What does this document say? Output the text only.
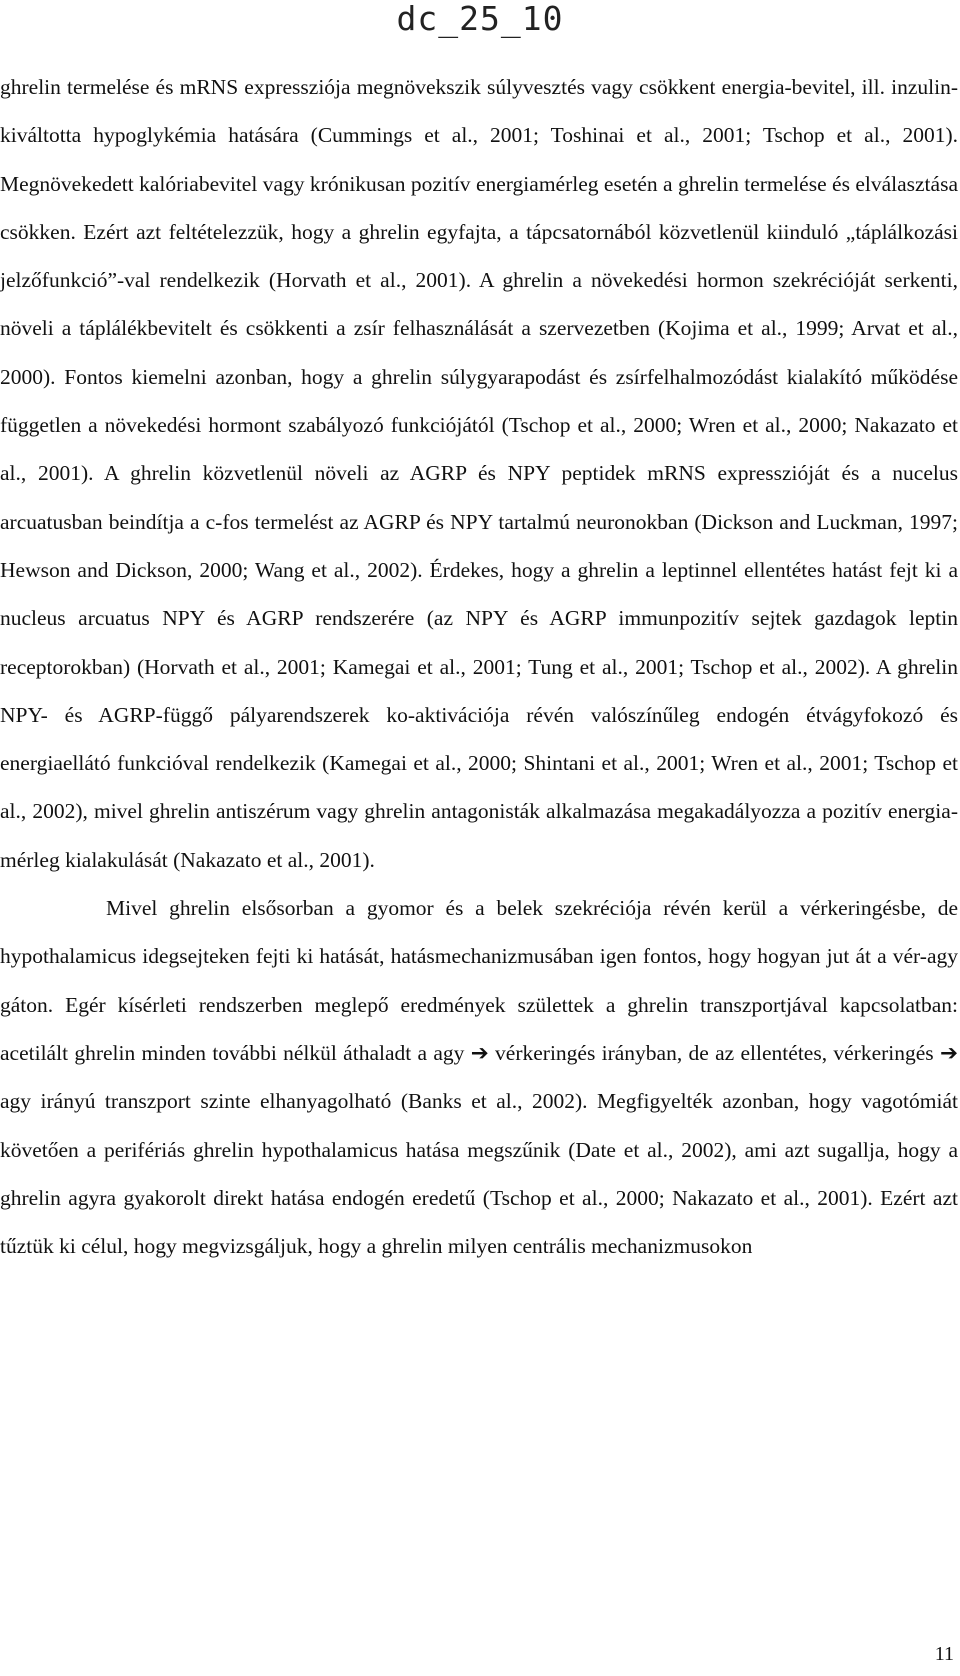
dc_25_10

ghrelin termelése és mRNS expressziója megnövekszik súlyvesztés vagy csökkent energia-bevitel, ill. inzulin-kiváltotta hypoglykémia hatására (Cummings et al., 2001; Toshinai et al., 2001; Tschop et al., 2001). Megnövekedett kalóriabevitel vagy krónikusan pozitív energiamérleg esetén a ghrelin termelése és elválasztása csökken. Ezért azt feltételezzük, hogy a ghrelin egyfajta, a tápcsatornából közvetlenül kiinduló „táplálkozási jelzőfunkció”-val rendelkezik (Horvath et al., 2001). A ghrelin a növekedési hormon szekrécióját serkenti, növeli a táplálékbevitelt és csökkenti a zsír felhasználását a szervezetben (Kojima et al., 1999; Arvat et al., 2000). Fontos kiemelni azonban, hogy a ghrelin súlygyarapodást és zsírfelhalmozódást kialakító működése független a növekedési hormont szabályozó funkciójától (Tschop et al., 2000; Wren et al., 2000; Nakazato et al., 2001). A ghrelin közvetlenül növeli az AGRP és NPY peptidek mRNS expresszióját és a nucelus arcuatusban beindítja a c-fos termelést az AGRP és NPY tartalmú neuronokban (Dickson and Luckman, 1997; Hewson and Dickson, 2000; Wang et al., 2002). Érdekes, hogy a ghrelin a leptinnel ellentétes hatást fejt ki a nucleus arcuatus NPY és AGRP rendszerére (az NPY és AGRP immunpozitív sejtek gazdagok leptin receptorokban) (Horvath et al., 2001; Kamegai et al., 2001; Tung et al., 2001; Tschop et al., 2002). A ghrelin NPY- és AGRP-függő pályarendszerek ko-aktivációja révén valószínűleg endogén étvágyfokozó és energiaellátó funkcióval rendelkezik (Kamegai et al., 2000; Shintani et al., 2001; Wren et al., 2001; Tschop et al., 2002), mivel ghrelin antiszérum vagy ghrelin antagonisták alkalmazása megakadályozza a pozitív energia-mérleg kialakulását (Nakazato et al., 2001).

Mivel ghrelin elsősorban a gyomor és a belek szekréciója révén kerül a vérkeringésbe, de hypothalamicus idegsejteken fejti ki hatását, hatásmechanizmusában igen fontos, hogy hogyan jut át a vér-agy gáton. Egér kísérleti rendszerben meglepő eredmények születtek a ghrelin transzportjával kapcsolatban: acetilált ghrelin minden további nélkül áthaladt a agy ➔ vérkeringés irányban, de az ellentétes, vérkeringés ➔ agy irányú transzport szinte elhanyagolható (Banks et al., 2002). Megfigyelték azonban, hogy vagotómiát követően a perifériás ghrelin hypothalamicus hatása megszűnik (Date et al., 2002), ami azt sugallja, hogy a ghrelin agyra gyakorolt direkt hatása endogén eredetű (Tschop et al., 2000; Nakazato et al., 2001). Ezért azt tűztük ki célul, hogy megvizsgáljuk, hogy a ghrelin milyen centrális mechanizmusokon

11
